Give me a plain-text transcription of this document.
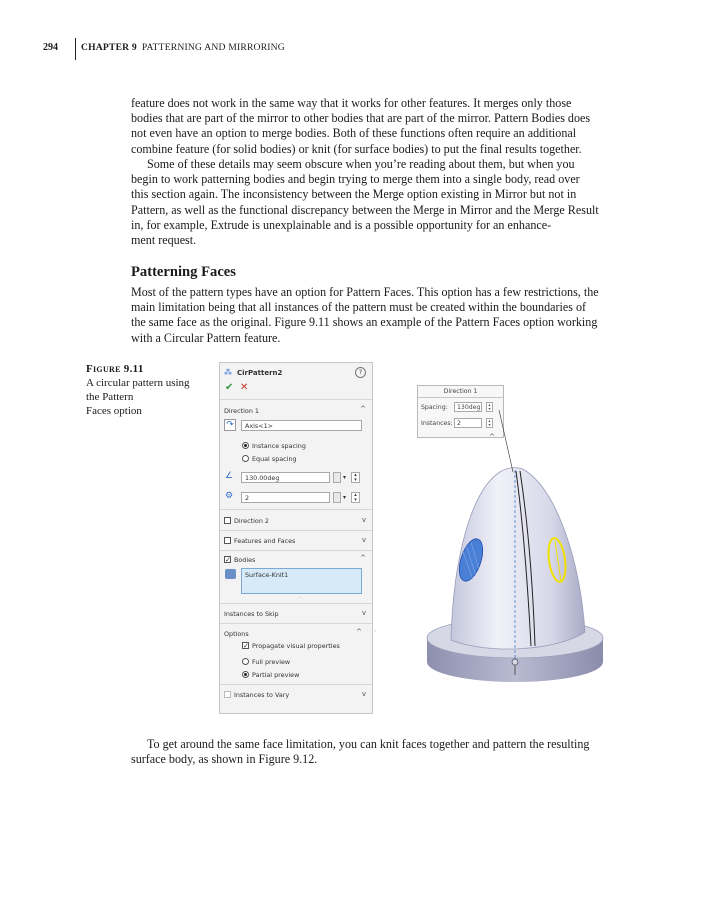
294 CHAPTER 9 PATTERNING AND MIRRORING

feature does not work in the same way that it works for other features. It merges only those
bodies that are part of the mirror to other bodies that are part of the mirror. Pattern Bodies does
not even have an option to merge bodies. Both of these functions often require an additional
combine feature (for solid bodies) or knit (for surface bodies) to put the final results together.

Some of these details may seem obscure when you’re reading about them, but when you
begin to work patterning bodies and begin trying to merge them into a single body, read over
this section again. The inconsistency between the Merge option existing in Mirror but not in
Pattern, as well as the functional discrepancy between the Merge in Mirror and the Merge Result
in, for example, Extrude is unexplainable and is a possible opportunity for an enhance-
ment request.
Patterning Faces
Most of the pattern types have an option for Pattern Faces. This option has a few restrictions, the
main limitation being that all instances of the pattern must be created within the boundaries of
the same face as the original. Figure 9.11 shows an example of the Pattern Faces option working
with a Circular Pattern feature.
Figure 9.11
A circular pattern using
the Pattern
Faces option
⁂ CirPattern2	?
✔ ✕
Direction 1	^
↷	Axis<1>
Instance spacing
Equal spacing
∠	130.00deg	▾	▴
▾
⚙	2	▾	▴
▾
Direction 2	v
Features and Faces	v
✓ Bodies	^
Surface-Knit1
◦
Instances to Skip	v
Options	^ ◦
✓ Propagate visual properties
Full preview
Partial preview
Instances to Vary	v
Direction 1
Spacing:	130deg	▴
▾
Instances: 2	▴
▾
^
To get around the same face limitation, you can knit faces together and pattern the resulting
surface body, as shown in Figure 9.12.
